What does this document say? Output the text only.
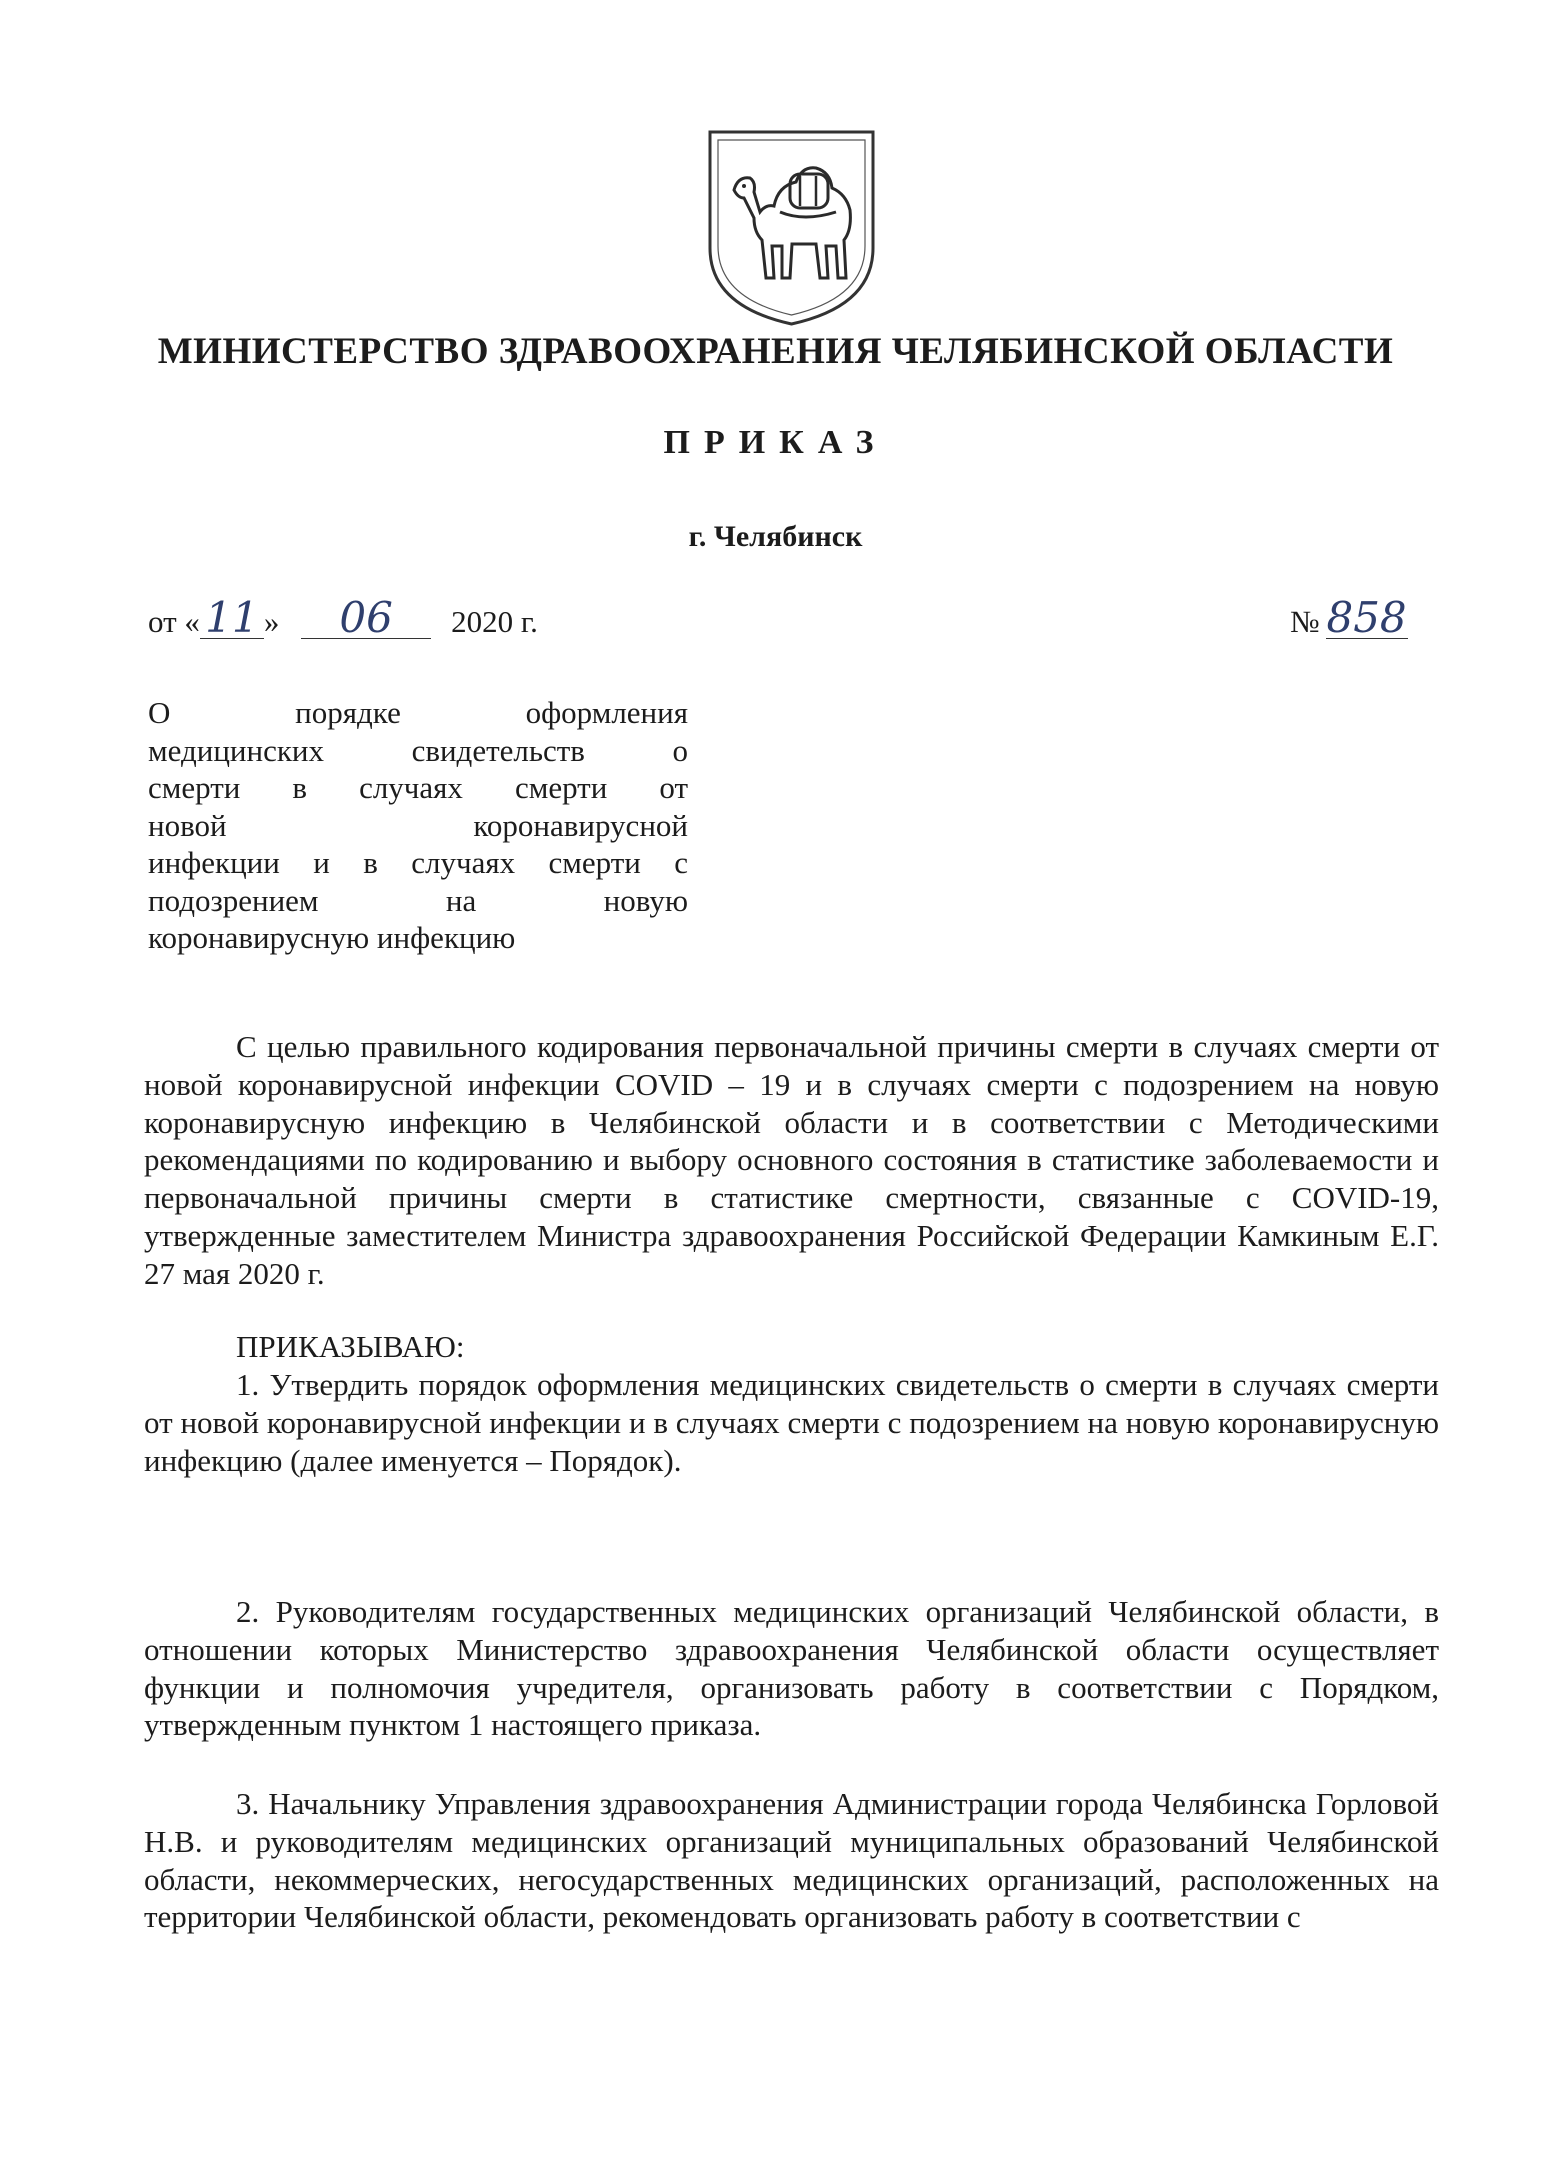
МИНИСТЕРСТВО ЗДРАВООХРАНЕНИЯ ЧЕЛЯБИНСКОЙ ОБЛАСТИ
ПРИКАЗ
г. Челябинск
от « 11 » 06 2020 г.	№ 858
О порядке оформления
медицинских свидетельств о
смерти в случаях смерти от
новой коронавирусной
инфекции и в случаях смерти с
подозрением на новую
коронавирусную инфекцию

С целью правильного кодирования первоначальной причины смерти в случаях смерти от новой коронавирусной инфекции COVID – 19 и в случаях смерти с подозрением на новую коронавирусную инфекцию в Челябинской области и в соответствии с Методическими рекомендациями по кодированию и выбору основного состояния в статистике заболеваемости и первоначальной причины смерти в статистике смертности, связанные с COVID-19, утвержденные заместителем Министра здравоохранения Российской Федерации Камкиным Е.Г. 27 мая 2020 г.

ПРИКАЗЫВАЮ:

1. Утвердить порядок оформления медицинских свидетельств о смерти в случаях смерти от новой коронавирусной инфекции и в случаях смерти с подозрением на новую коронавирусную инфекцию (далее именуется – Порядок).

2. Руководителям государственных медицинских организаций Челябинской области, в отношении которых Министерство здравоохранения Челябинской области осуществляет функции и полномочия учредителя, организовать работу в соответствии с Порядком, утвержденным пунктом 1 настоящего приказа.

3. Начальнику Управления здравоохранения Администрации города Челябинска Горловой Н.В. и руководителям медицинских организаций муниципальных образований Челябинской области, некоммерческих, негосударственных медицинских организаций, расположенных на территории Челябинской области, рекомендовать организовать работу в соответствии с
